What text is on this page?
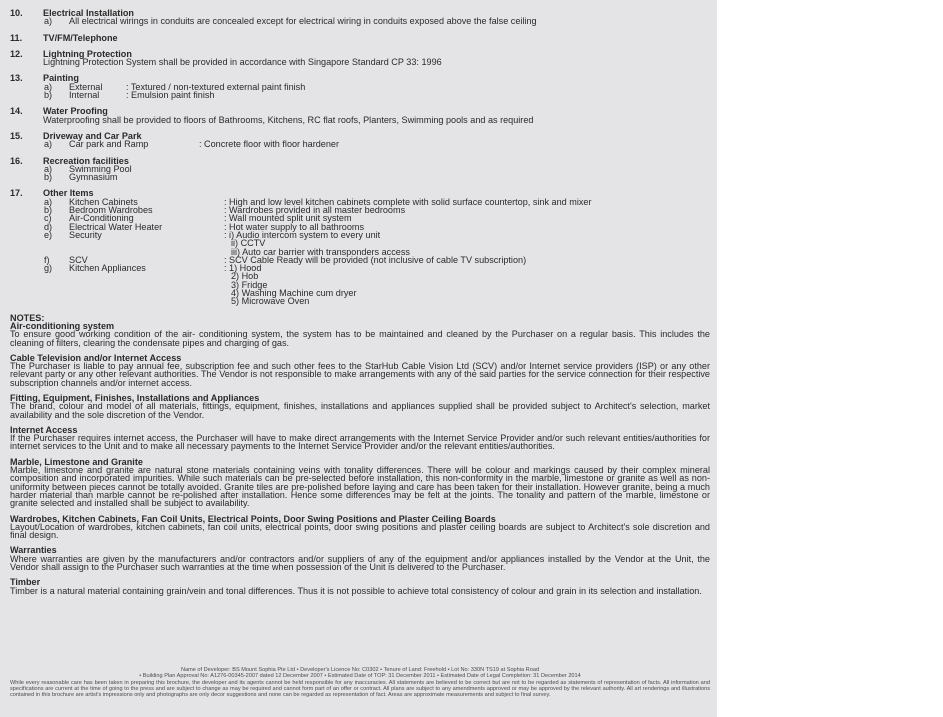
10.	Electrical Installation
a)	All electrical wirings in conduits are concealed except for electrical wiring in conduits exposed above the false ceiling
11.	TV/FM/Telephone
12.	Lightning Protection
Lightning Protection System shall be provided in accordance with Singapore Standard CP 33: 1996
13.	Painting
a)	External	: Textured / non-textured external paint finish
b)	Internal	: Emulsion paint finish
14.	Water Proofing
Waterproofing shall be provided to floors of Bathrooms, Kitchens, RC flat roofs, Planters, Swimming pools and as required
15.	Driveway and Car Park
a)	Car park and Ramp	: Concrete floor with floor hardener
16.	Recreation facilities
a)	Swimming Pool
b)	Gymnasium
17.	Other Items
a)	Kitchen Cabinets	: High and low level kitchen cabinets complete with solid surface countertop, sink and mixer
b)	Bedroom Wardrobes	: Wardrobes provided in all master bedrooms
c)	Air-Conditioning	: Wall mounted split unit system
d)	Electrical Water Heater	: Hot water supply to all bathrooms
e)	Security	: i) Audio intercom system to every unit
ii) CCTV
iii) Auto car barrier with transponders access
f)	SCV	: SCV Cable Ready will be provided (not inclusive of cable TV subscription)
g)	Kitchen Appliances	: 1) Hood
2) Hob
3) Fridge
4) Washing Machine cum dryer
5) Microwave Oven
NOTES:
Air-conditioning system
To ensure good working condition of the air- conditioning system, the system has to be maintained and cleaned by the Purchaser on a regular basis. This includes the cleaning of filters, clearing the condensate pipes and charging of gas.
Cable Television and/or Internet Access
The Purchaser is liable to pay annual fee, subscription fee and such other fees to the StarHub Cable Vision Ltd (SCV) and/or Internet service providers (ISP) or any other relevant party or any other relevant authorities. The Vendor is not responsible to make arrangements with any of the said parties for the service connection for their respective subscription channels and/or internet access.
Fitting, Equipment, Finishes, Installations and Appliances
The brand, colour and model of all materials, fittings, equipment, finishes, installations and appliances supplied shall be provided subject to Architect's selection, market availability and the sole discretion of the Vendor.
Internet Access
If the Purchaser requires internet access, the Purchaser will have to make direct arrangements with the Internet Service Provider and/or such relevant entities/authorities for internet services to the Unit and to make all necessary payments to the Internet Service Provider and/or the relevant entities/authorities.
Marble, Limestone and Granite
Marble, limestone and granite are natural stone materials containing veins with tonality differences. There will be colour and markings caused by their complex mineral composition and incorporated impurities. While such materials can be pre-selected before installation, this non-conformity in the marble, limestone or granite as well as non-uniformity between pieces cannot be totally avoided. Granite tiles are pre-polished before laying and care has been taken for their installation. However granite, being a much harder material than marble cannot be re-polished after installation. Hence some differences may be felt at the joints. The tonality and pattern of the marble, limestone or granite selected and installed shall be subject to availability.
Wardrobes, Kitchen Cabinets, Fan Coil Units, Electrical Points, Door Swing Positions and Plaster Ceiling Boards
Layout/Location of wardrobes, kitchen cabinets, fan coil units, electrical points, door swing positions and plaster ceiling boards are subject to Architect's sole discretion and final design.
Warranties
Where warranties are given by the manufacturers and/or contractors and/or suppliers of any of the equipment and/or appliances installed by the Vendor at the Unit, the Vendor shall assign to the Purchaser such warranties at the time when possession of the Unit is delivered to the Purchaser.
Timber
Timber is a natural material containing grain/vein and tonal differences. Thus it is not possible to achieve total consistency of colour and grain in its selection and installation.
Name of Developer: BS Mount Sophia Pte Ltd • Developer's Licence No: C0302 • Tenure of Land: Freehold • Lot No: 330N TS19 at Sophia Road
• Building Plan Approval No: A1276-00345-2007 dated 12 December 2007 • Estimated Date of TOP: 31 December 2011 • Estimated Date of Legal Completion: 31 December 2014
While every reasonable care has been taken in preparing this brochure, the developer and its agents cannot be held responsible for any inaccuracies. All statements are believed to be correct but are not to be regarded as statements of representation of facts. All information and specifications are current at the time of going to the press and are subject to change as may be required and cannot form part of an offer or contract. All plans are subject to any amendments approved or may be approved by the relevant authority. All art renderings and illustrations contained in this brochure are artist's impressions only and photographs are only decor suggestions and none can be regarded as representation of fact. Areas are approximate measurements and subject to final survey.
